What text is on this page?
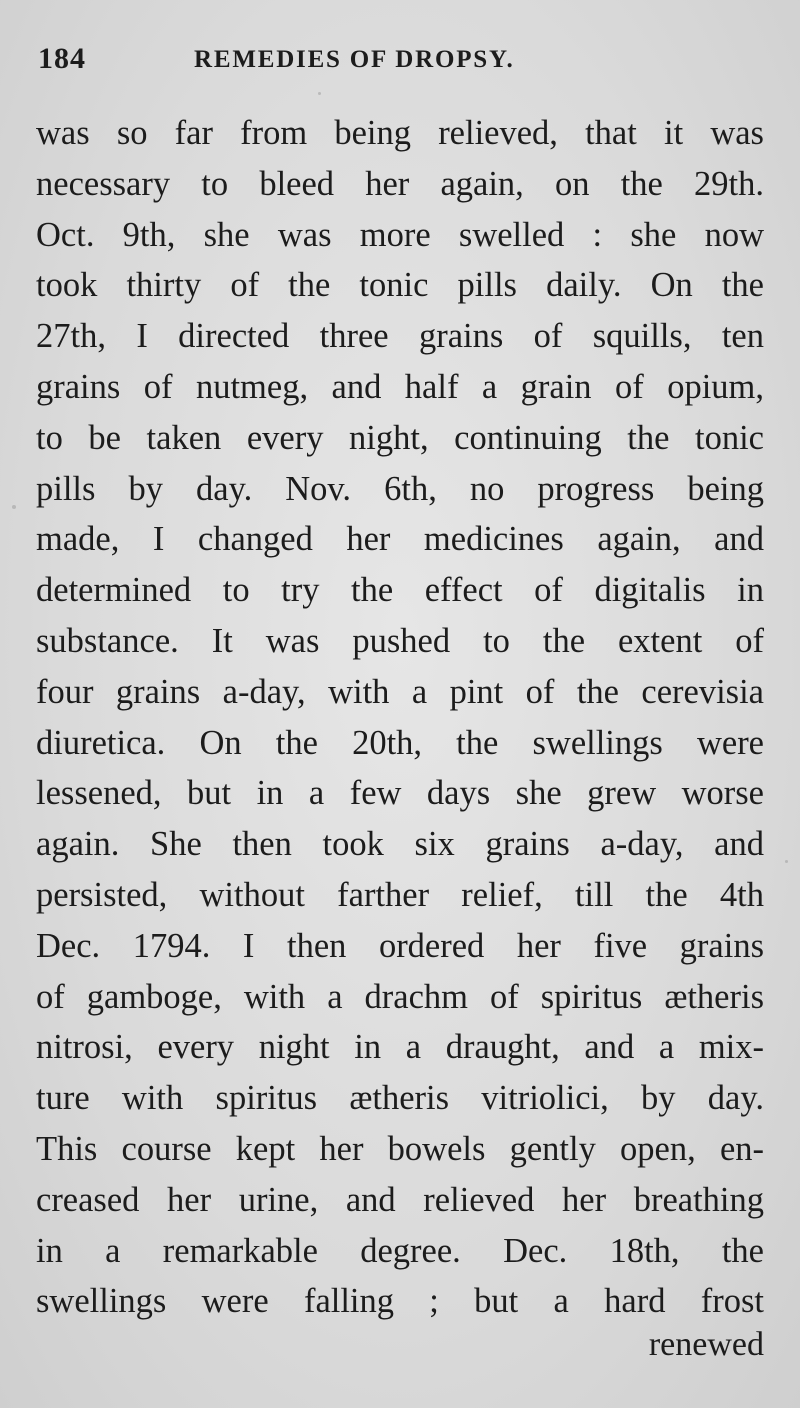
184	REMEDIES OF DROPSY.
was so far from being relieved, that it was
necessary to bleed her again, on the 29th.
Oct. 9th, she was more swelled : she now
took thirty of the tonic pills daily. On the
27th, I directed three grains of squills, ten
grains of nutmeg, and half a grain of opium,
to be taken every night, continuing the tonic
pills by day. Nov. 6th, no progress being
made, I changed her medicines again, and
determined to try the effect of digitalis in
substance. It was pushed to the extent of
four grains a-day, with a pint of the cerevisia
diuretica. On the 20th, the swellings were
lessened, but in a few days she grew worse
again. She then took six grains a-day, and
persisted, without farther relief, till the 4th
Dec. 1794. I then ordered her five grains
of gamboge, with a drachm of spiritus ætheris
nitrosi, every night in a draught, and a mix-
ture with spiritus ætheris vitriolici, by day.
This course kept her bowels gently open, en-
creased her urine, and relieved her breathing
in a remarkable degree. Dec. 18th, the
swellings were falling ; but a hard frost
renewed
